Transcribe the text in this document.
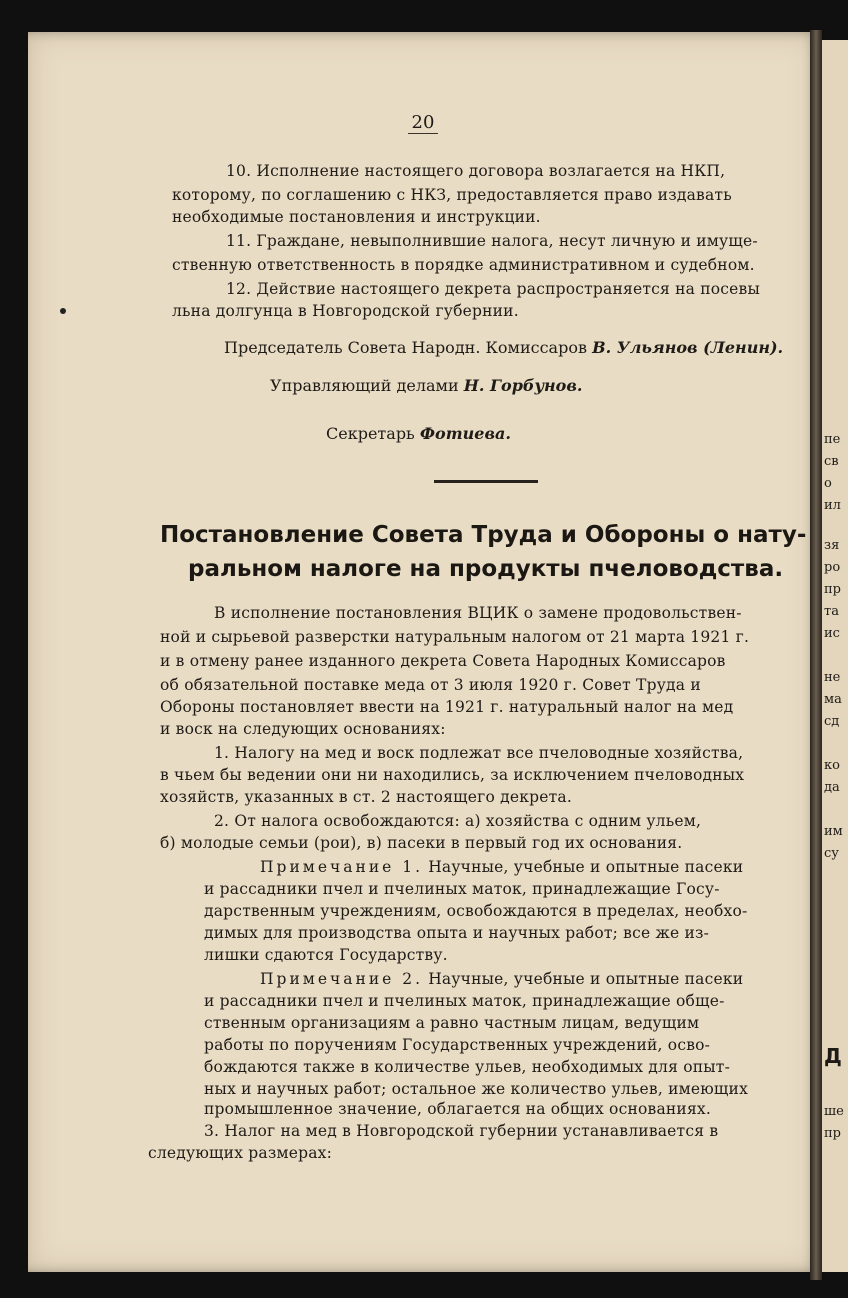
20
10. Исполнение настоящего договора возлагается на НКП,
которому, по соглашению с НКЗ, предоставляется право издавать
необходимые постановления и инструкции.
11. Граждане, невыполнившие налога, несут личную и имуще-
ственную ответственность в порядке административном и судебном.
12. Действие настоящего декрета распространяется на посевы
льна долгунца в Новгородской губернии.
Председатель Совета Народн. Комиссаров В. Ульянов (Ленин).
Управляющий делами Н. Горбунов.
Секретарь Фотиева.
Постановление Совета Труда и Обороны о нату-
ральном налоге на продукты пчеловодства.
В исполнение постановления ВЦИК о замене продовольствен-
ной и сырьевой разверстки натуральным налогом от 21 марта 1921 г.
и в отмену ранее изданного декрета Совета Народных Комиссаров
об обязательной поставке меда от 3 июля 1920 г. Совет Труда и
Обороны постановляет ввести на 1921 г. натуральный налог на мед
и воск на следующих основаниях:
1. Налогу на мед и воск подлежат все пчеловодные хозяйства,
в чьем бы ведении они ни находились, за исключением пчеловодных
хозяйств, указанных в ст. 2 настоящего декрета.
2. От налога освобождаются: а) хозяйства с одним ульем,
б) молодые семьи (рои), в) пасеки в первый год их основания.
Примечание 1. Научные, учебные и опытные пасеки
и рассадники пчел и пчелиных маток, принадлежащие Госу-
дарственным учреждениям, освобождаются в пределах, необхо-
димых для производства опыта и научных работ; все же из-
лишки сдаются Государству.
Примечание 2. Научные, учебные и опытные пасеки
и рассадники пчел и пчелиных маток, принадлежащие обще-
ственным организациям а равно частным лицам, ведущим
работы по поручениям Государственных учреждений, осво-
бождаются также в количестве ульев, необходимых для опыт-
ных и научных работ; остальное же количество ульев, имеющих
промышленное значение, облагается на общих основаниях.
3. Налог на мед в Новгородской губернии устанавливается в
следующих размерах:
пе
св
о
ил
зя
ро
пр
та
ис
не
ма
сд
ко
да
им
су
Д
ше
пр
